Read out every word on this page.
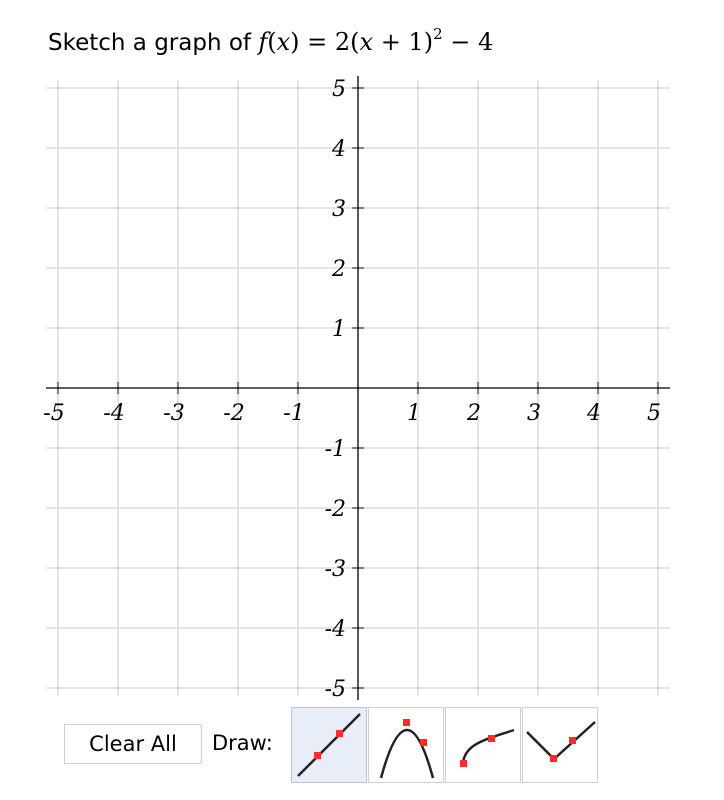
Sketch a graph of $f(x) = 2(x + 1)^2 - 4$
-5 -4 -3 -2 -1	1 2 3 4 5
5
4
3
2
1
-1
-2
-3
-4
-5
Clear All	Draw:
